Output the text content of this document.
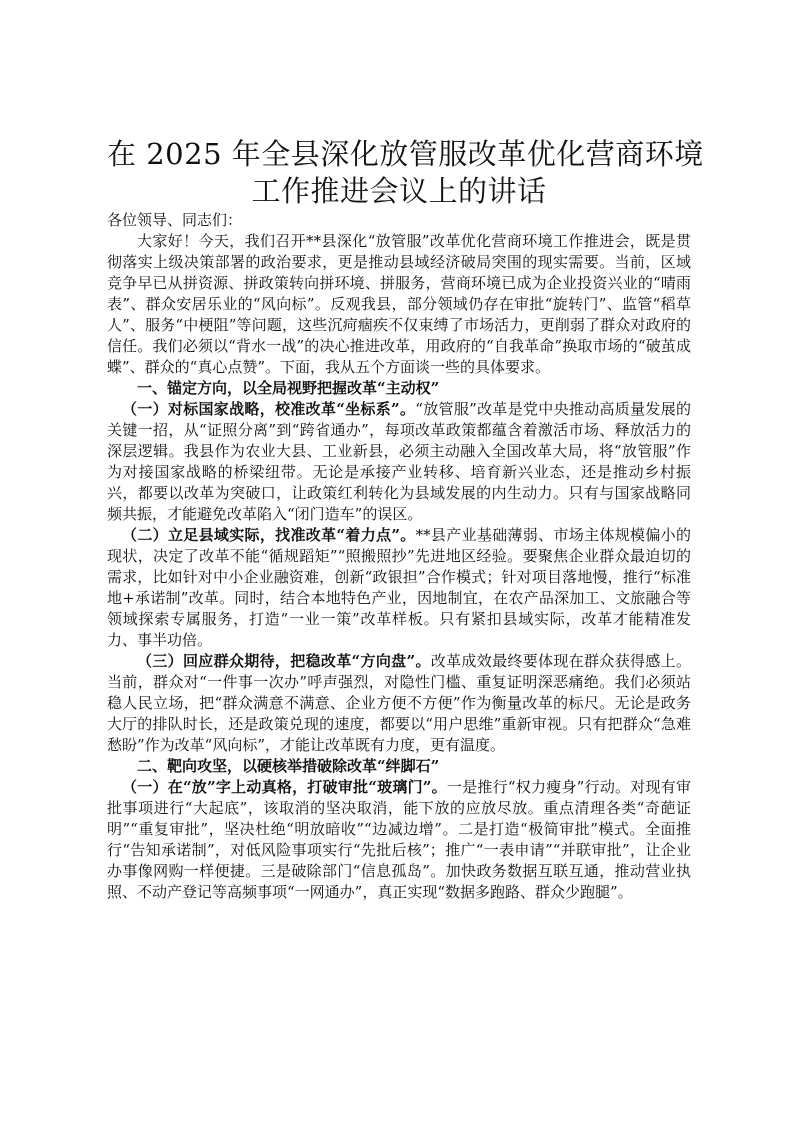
在 2025 年全县深化放管服改革优化营商环境
工作推进会议上的讲话

各位领导、同志们：

大家好！今天，我们召开**县深化“放管服”改革优化营商环境工作推进会，既是贯彻落实上级决策部署的政治要求，更是推动县域经济破局突围的现实需要。当前，区域竞争早已从拼资源、拼政策转向拼环境、拼服务，营商环境已成为企业投资兴业的“晴雨表”、群众安居乐业的“风向标”。反观我县，部分领域仍存在审批“旋转门”、监管“稻草人”、服务“中梗阻”等问题，这些沉疴痼疾不仅束缚了市场活力，更削弱了群众对政府的信任。我们必须以“背水一战”的决心推进改革，用政府的“自我革命”换取市场的“破茧成蝶”、群众的“真心点赞”。下面，我从五个方面谈一些的具体要求。

一、锚定方向，以全局视野把握改革“主动权”

（一）对标国家战略，校准改革“坐标系”。“放管服”改革是党中央推动高质量发展的关键一招，从“证照分离”到“跨省通办”，每项改革政策都蕴含着激活市场、释放活力的深层逻辑。我县作为农业大县、工业新县，必须主动融入全国改革大局，将“放管服”作为对接国家战略的桥梁纽带。无论是承接产业转移、培育新兴业态，还是推动乡村振兴，都要以改革为突破口，让政策红利转化为县域发展的内生动力。只有与国家战略同频共振，才能避免改革陷入“闭门造车”的误区。

（二）立足县域实际，找准改革“着力点”。**县产业基础薄弱、市场主体规模偏小的现状，决定了改革不能“循规蹈矩”“照搬照抄”先进地区经验。要聚焦企业群众最迫切的需求，比如针对中小企业融资难，创新“政银担”合作模式；针对项目落地慢，推行“标准地+承诺制”改革。同时，结合本地特色产业，因地制宜，在农产品深加工、文旅融合等领域探索专属服务，打造“一业一策”改革样板。只有紧扣县域实际，改革才能精准发力、事半功倍。

（三）回应群众期待，把稳改革“方向盘”。改革成效最终要体现在群众获得感上。当前，群众对“一件事一次办”呼声强烈，对隐性门槛、重复证明深恶痛绝。我们必须站稳人民立场，把“群众满意不满意、企业方便不方便”作为衡量改革的标尺。无论是政务大厅的排队时长，还是政策兑现的速度，都要以“用户思维”重新审视。只有把群众“急难愁盼”作为改革“风向标”，才能让改革既有力度，更有温度。

二、靶向攻坚，以硬核举措破除改革“绊脚石”

（一）在“放”字上动真格，打破审批“玻璃门”。一是推行“权力瘦身”行动。对现有审批事项进行“大起底”，该取消的坚决取消，能下放的应放尽放。重点清理各类“奇葩证明”“重复审批”，坚决杜绝“明放暗收”“边减边增”。二是打造“极简审批”模式。全面推行“告知承诺制”，对低风险事项实行“先批后核”；推广“一表申请”“并联审批”，让企业办事像网购一样便捷。三是破除部门“信息孤岛”。加快政务数据互联互通，推动营业执照、不动产登记等高频事项“一网通办”，真正实现“数据多跑路、群众少跑腿”。
